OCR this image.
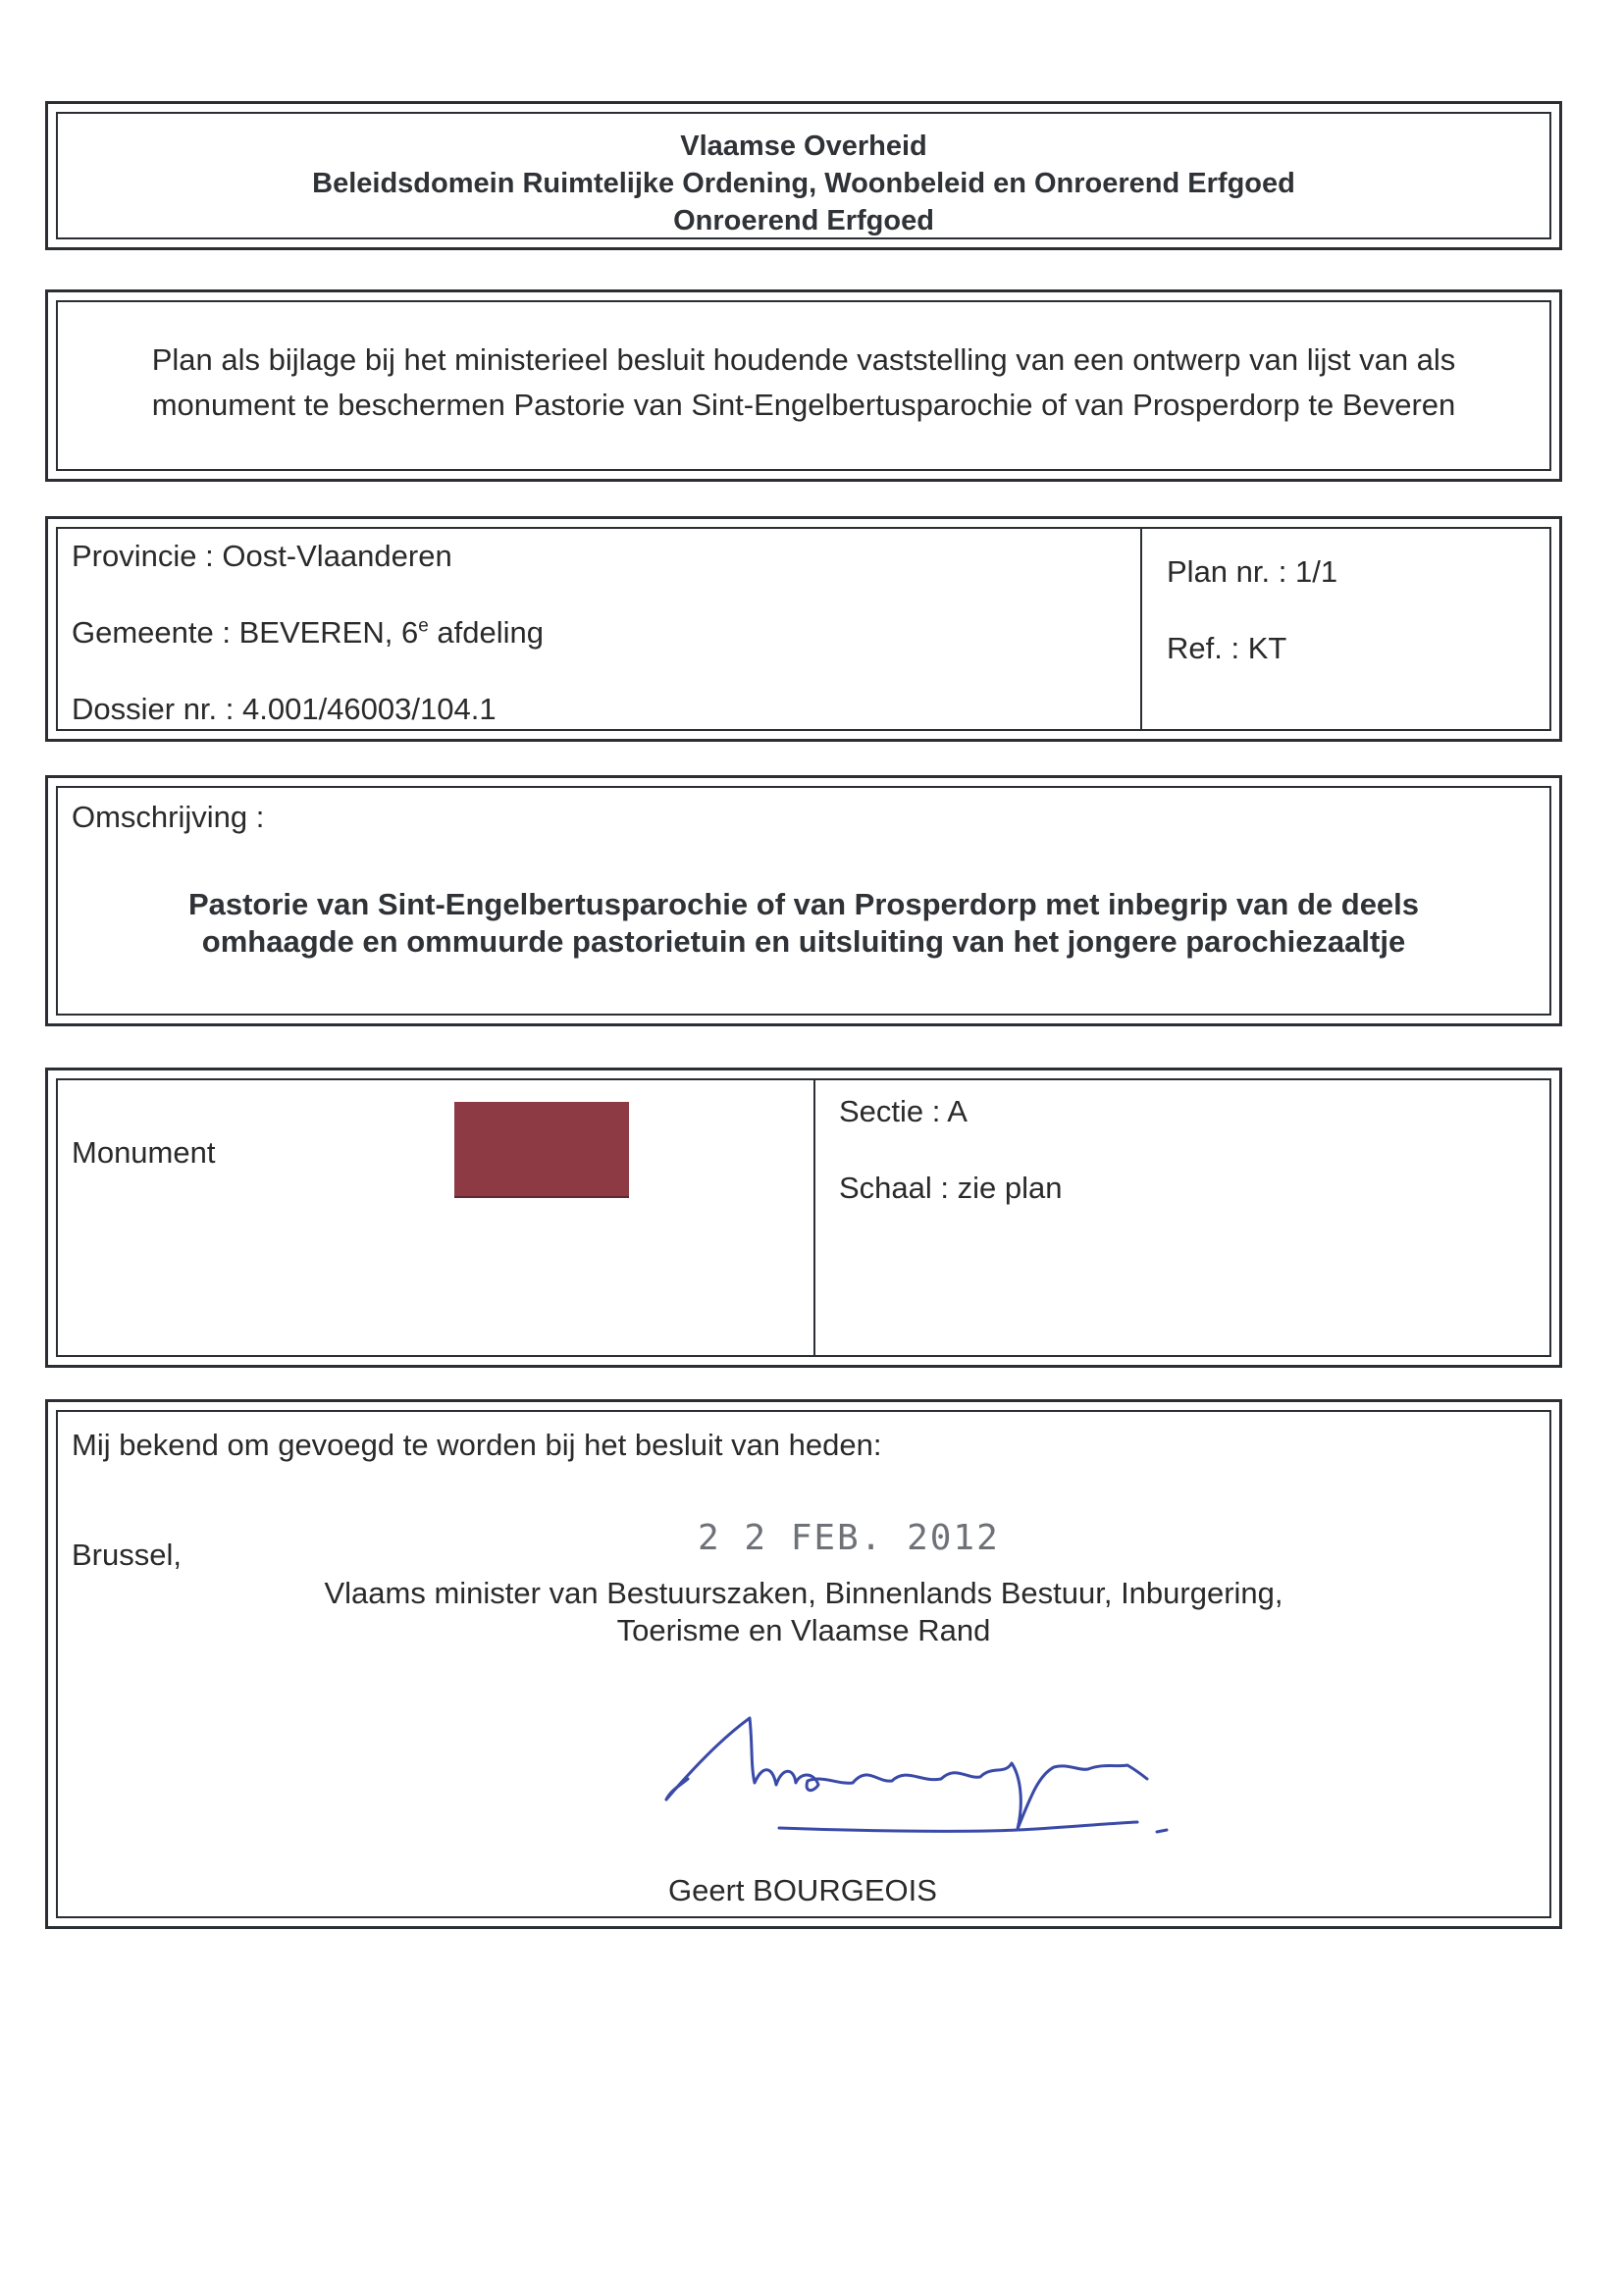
Vlaamse Overheid
Beleidsdomein Ruimtelijke Ordening, Woonbeleid en Onroerend Erfgoed
Onroerend Erfgoed
Plan als bijlage bij het ministerieel besluit houdende vaststelling van een ontwerp van lijst van als
monument te beschermen Pastorie van Sint-Engelbertusparochie of van Prosperdorp te Beveren
Provincie : Oost-Vlaanderen
Gemeente : BEVEREN, 6e afdeling
Dossier nr. : 4.001/46003/104.1
Plan nr. : 1/1
Ref. : KT
Omschrijving :
Pastorie van Sint-Engelbertusparochie of van Prosperdorp met inbegrip van de deels
omhaagde en ommuurde pastorietuin en uitsluiting van het jongere parochiezaaltje
Monument
Sectie : A
Schaal : zie plan
Mij bekend om gevoegd te worden bij het besluit van heden:
Brussel,	2 2 FEB. 2012
Vlaams minister van Bestuurszaken, Binnenlands Bestuur, Inburgering,
Toerisme en Vlaamse Rand
Geert BOURGEOIS
